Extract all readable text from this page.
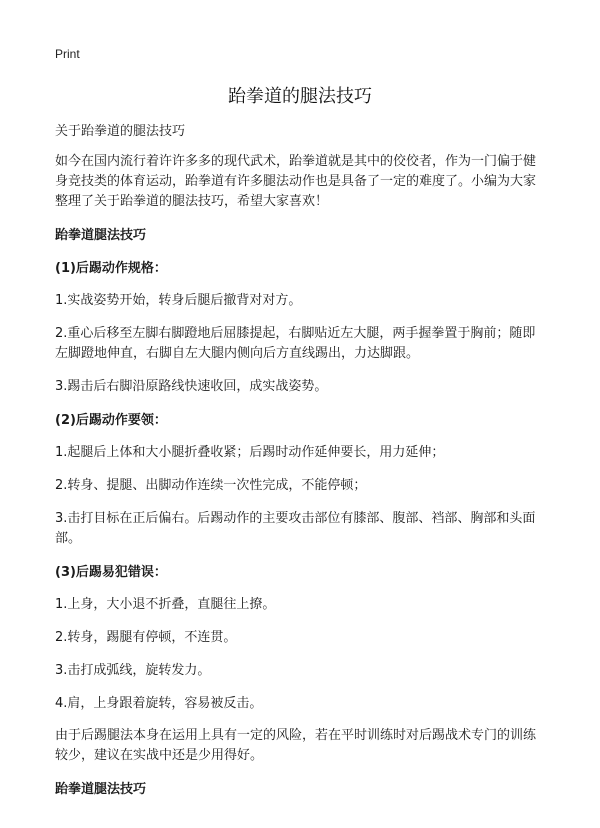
Print
跆拳道的腿法技巧
关于跆拳道的腿法技巧

如今在国内流行着许许多多的现代武术，跆拳道就是其中的佼佼者，作为一门偏于健身竞技类的体育运动，跆拳道有许多腿法动作也是具备了一定的难度了。小编为大家整理了关于跆拳道的腿法技巧，希望大家喜欢！

跆拳道腿法技巧
(1)后踢动作规格：

1.实战姿势开始，转身后腿后撤背对对方。

2.重心后移至左脚右脚蹬地后屈膝提起，右脚贴近左大腿，两手握拳置于胸前；随即左脚蹬地伸直，右脚自左大腿内侧向后方直线踢出，力达脚跟。

3.踢击后右脚沿原路线快速收回，成实战姿势。

(2)后踢动作要领：

1.起腿后上体和大小腿折叠收紧；后踢时动作延伸要长，用力延伸；

2.转身、提腿、出脚动作连续一次性完成，不能停顿；

3.击打目标在正后偏右。后踢动作的主要攻击部位有膝部、腹部、裆部、胸部和头面部。

(3)后踢易犯错误：

1.上身，大小退不折叠，直腿往上撩。

2.转身，踢腿有停顿，不连贯。

3.击打成弧线，旋转发力。

4.肩，上身跟着旋转，容易被反击。

由于后踢腿法本身在运用上具有一定的风险，若在平时训练时对后踢战术专门的训练较少，建议在实战中还是少用得好。

跆拳道腿法技巧
